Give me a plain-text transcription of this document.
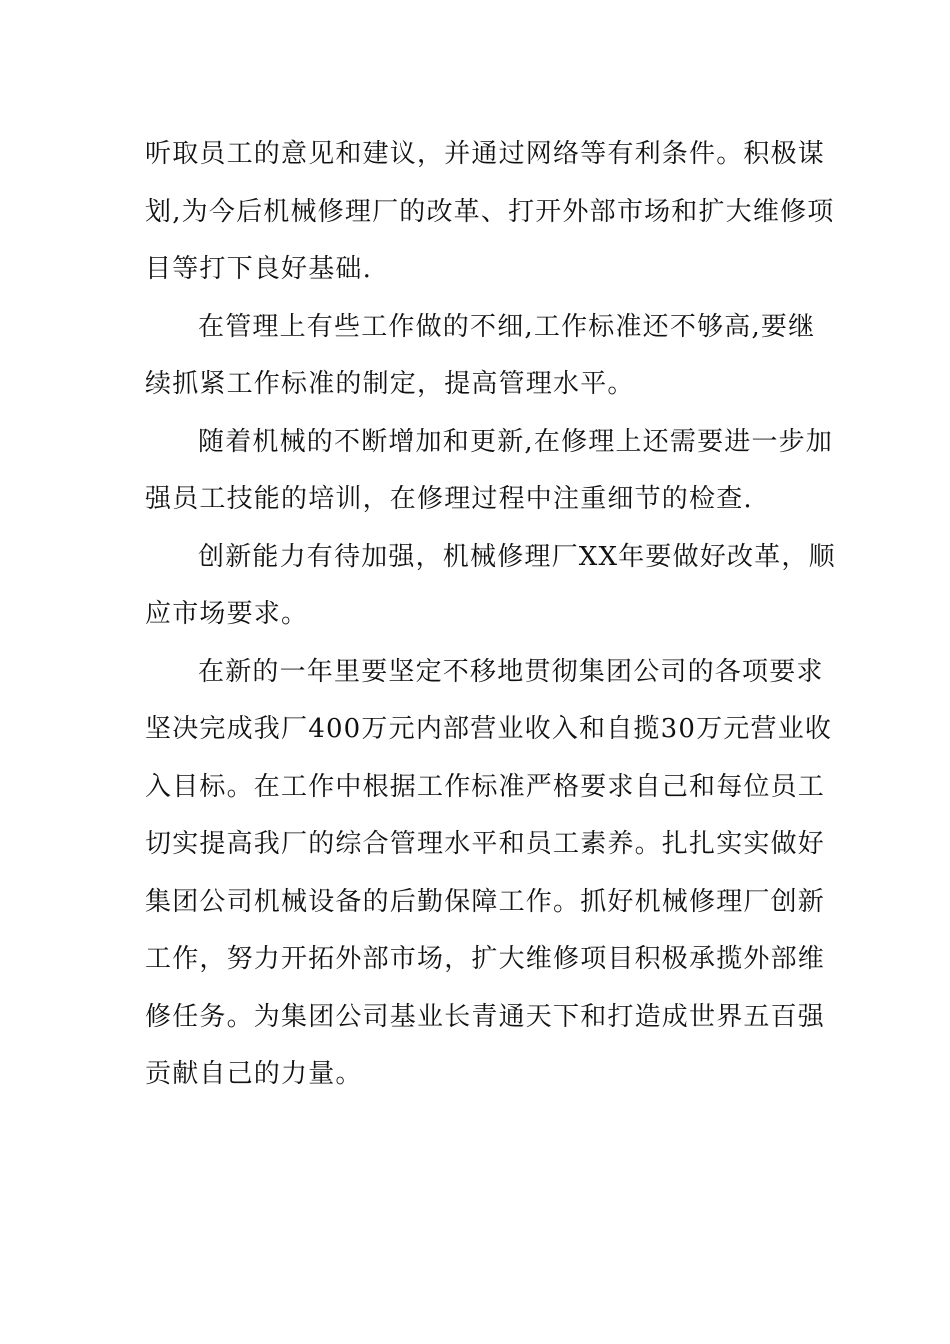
听取员工的意见和建议，并通过网络等有利条件。积极谋
划,为今后机械修理厂的改革、打开外部市场和扩大维修项
目等打下良好基础.
在管理上有些工作做的不细,工作标准还不够高,要继
续抓紧工作标准的制定，提高管理水平。
随着机械的不断增加和更新,在修理上还需要进一步加
强员工技能的培训，在修理过程中注重细节的检查.
创新能力有待加强，机械修理厂XX年要做好改革，顺
应市场要求。
在新的一年里要坚定不移地贯彻集团公司的各项要求
坚决完成我厂400万元内部营业收入和自揽30万元营业收
入目标。在工作中根据工作标准严格要求自己和每位员工
切实提高我厂的综合管理水平和员工素养。扎扎实实做好
集团公司机械设备的后勤保障工作。抓好机械修理厂创新
工作，努力开拓外部市场，扩大维修项目积极承揽外部维
修任务。为集团公司基业长青通天下和打造成世界五百强
贡献自己的力量。
